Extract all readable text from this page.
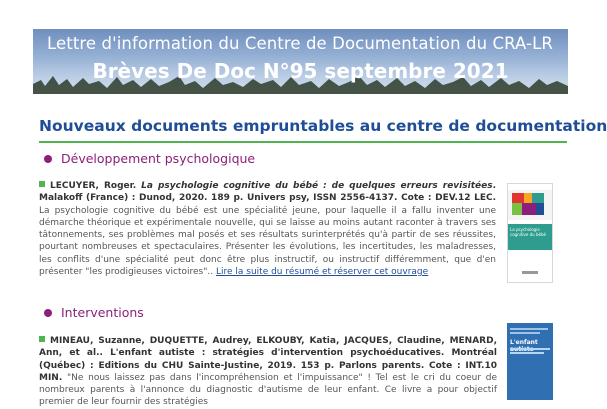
Lettre d'information du Centre de Documentation du CRA-LR
Brèves De Doc N°95 septembre 2021
Nouveaux documents empruntables au centre de documentation
Développement psychologique
LECUYER, Roger. La psychologie cognitive du bébé : de quelques erreurs revisitées. Malakoff (France) : Dunod, 2020. 189 p. Univers psy, ISSN 2556-4137. Cote : DEV.12 LEC. La psychologie cognitive du bébé est une spécialité jeune, pour laquelle il a fallu inventer une démarche théorique et expérimentale nouvelle, qui se laisse au moins autant raconter à travers ses tâtonnements, ses problèmes mal posés et ses résultats surinterprétés qu'à partir de ses réussites, pourtant nombreuses et spectaculaires. Présenter les évolutions, les incertitudes, les maladresses, les conflits d'une spécialité peut donc être plus instructif, ou instructif différemment, que d'en présenter "les prodigieuses victoires".. Lire la suite du résumé et réserver cet ouvrage
La psychologie cognitive du bébé
Interventions
MINEAU, Suzanne, DUQUETTE, Audrey, ELKOUBY, Katia, JACQUES, Claudine, MENARD, Ann, et al.. L'enfant autiste : stratégies d'intervention psychoéducatives. Montréal (Québec) : Editions du CHU Sainte-Justine, 2019. 153 p. Parlons parents. Cote : INT.10 MIN. "Ne nous laissez pas dans l'incompréhension et l'impuissance" ! Tel est le cri du coeur de nombreux parents à l'annonce du diagnostic d'autisme de leur enfant. Ce livre a pour objectif premier de leur fournir des stratégies
L'enfant
